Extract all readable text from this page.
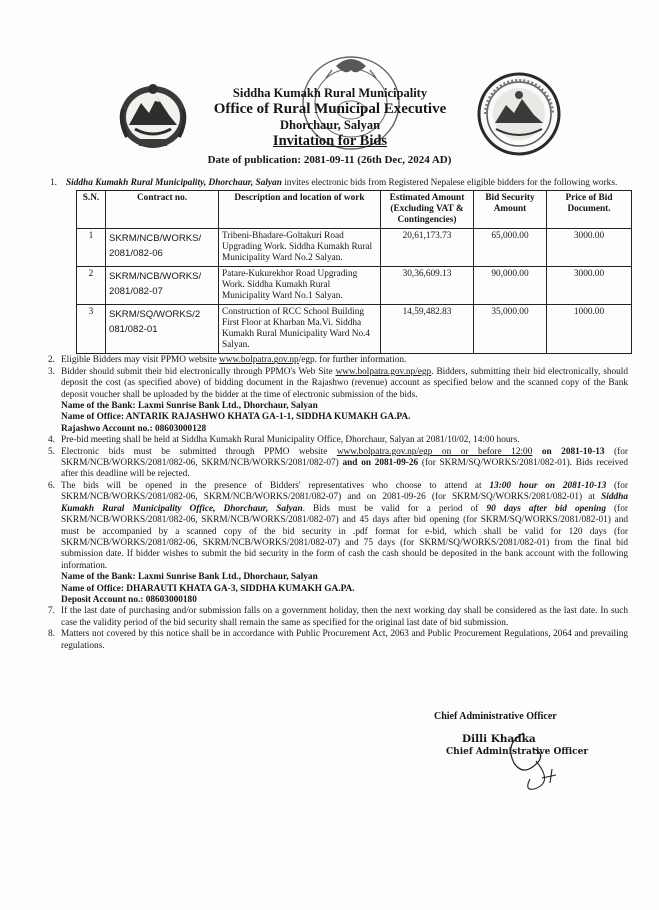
Siddha Kumakh Rural Municipality
Office of Rural Municipal Executive
Dhorchaur, Salyan
Invitation for Bids
Date of publication: 2081-09-11 (26th Dec, 2024 AD)
1. Siddha Kumakh Rural Municipality, Dhorchaur, Salyan invites electronic bids from Registered Nepalese eligible bidders for the following works.
S.N.	Contract no.	Description and location of work	Estimated Amount (Excluding VAT & Contingencies)	Bid Security Amount	Price of Bid Document.
1	SKRM/NCB/WORKS/ 2081/082-06	Tribeni-Bhadare-Goltakuri Road Upgrading Work. Siddha Kumakh Rural Municipality Ward No.2 Salyan.	20,61,173.73	65,000.00	3000.00
2	SKRM/NCB/WORKS/ 2081/082-07	Patare-Kukurekhor Road Upgrading Work. Siddha Kumakh Rural Municipality Ward No.1 Salyan.	30,36,609.13	90,000.00	3000.00
3	SKRM/SQ/WORKS/2 081/082-01	Construction of RCC School Building First Floor at Kharban Ma.Vi. Siddha Kumakh Rural Municipality Ward No.4 Salyan.	14,59,482.83	35,000.00	1000.00
2. Eligible Bidders may visit PPMO website www.bolpatra.gov.np/egp. for further information.
3. Bidder should submit their bid electronically through PPMO's Web Site www.bolpatra.gov.np/egp. Bidders, submitting their bid electronically, should deposit the cost (as specified above) of bidding document in the Rajashwo (revenue) account as specified below and the scanned copy of the Bank deposit voucher shall be uploaded by the bidder at the time of electronic submission of the bids.
Name of the Bank: Laxmi Sunrise Bank Ltd., Dhorchaur, Salyan
Name of Office: ANTARIK RAJASHWO KHATA GA-1-1, SIDDHA KUMAKH GA.PA.
Rajashwo Account no.: 08603000128
4. Pre-bid meeting shall be held at Siddha Kumakh Rural Municipality Office, Dhorchaur, Salyan at 2081/10/02, 14:00 hours.
5. Electronic bids must be submitted through PPMO website www.bolpatra.gov.np/egp on or before 12:00 on 2081-10-13 (for SKRM/NCB/WORKS/2081/082-06, SKRM/NCB/WORKS/2081/082-07) and on 2081-09-26 (for SKRM/SQ/WORKS/2081/082-01). Bids received after this deadline will be rejected.
6. The bids will be opened in the presence of Bidders' representatives who choose to attend at 13:00 hour on 2081-10-13 (for SKRM/NCB/WORKS/2081/082-06, SKRM/NCB/WORKS/2081/082-07) and on 2081-09-26 (for SKRM/SQ/WORKS/2081/082-01) at Siddha Kumakh Rural Municipality Office, Dhorchaur, Salyan. Bids must be valid for a period of 90 days after bid opening (for SKRM/NCB/WORKS/2081/082-06, SKRM/NCB/WORKS/2081/082-07) and 45 days after bid opening (for SKRM/SQ/WORKS/2081/082-01) and must be accompanied by a scanned copy of the bid security in .pdf format for e-bid, which shall be valid for 120 days (for SKRM/NCB/WORKS/2081/082-06, SKRM/NCB/WORKS/2081/082-07) and 75 days (for SKRM/SQ/WORKS/2081/082-01) from the final bid submission date. If bidder wishes to submit the bid security in the form of cash the cash should be deposited in the bank account with the following information.
Name of the Bank: Laxmi Sunrise Bank Ltd., Dhorchaur, Salyan
Name of Office: DHARAUTI KHATA GA-3, SIDDHA KUMAKH GA.PA.
Deposit Account no.: 08603000180
7. If the last date of purchasing and/or submission falls on a government holiday, then the next working day shall be considered as the last date. In such case the validity period of the bid security shall remain the same as specified for the original last date of bid submission.
8. Matters not covered by this notice shall be in accordance with Public Procurement Act, 2063 and Public Procurement Regulations, 2064 and prevailing regulations.
Chief Administrative Officer
Dilli Khadka
Chief Administrative Officer
